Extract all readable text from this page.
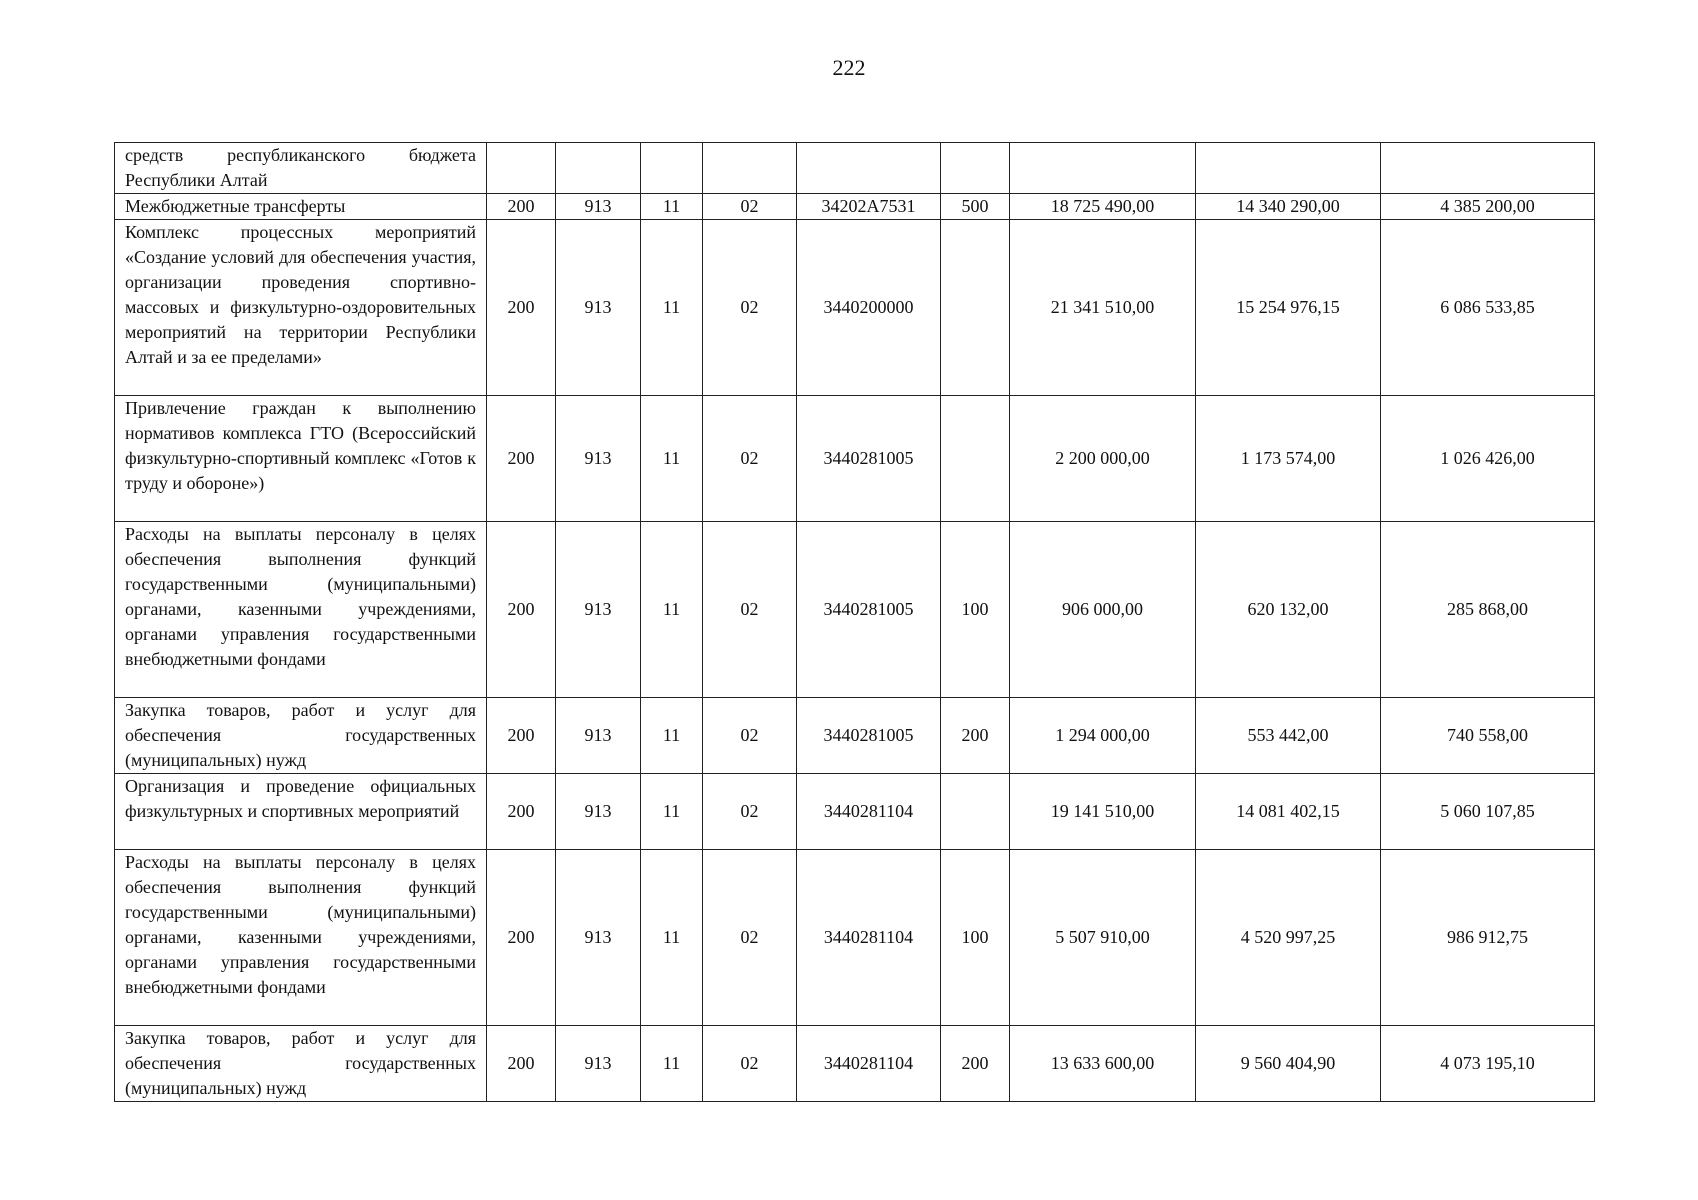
222
средств республиканского бюджета Республики Алтай									
Межбюджетные трансферты	200	913	11	02	34202А7531	500	18 725 490,00	14 340 290,00	4 385 200,00
Комплекс процессных мероприятий «Создание условий для обеспечения участия, организации проведения спортивно-массовых и физкультурно-оздоровительных мероприятий на территории Республики Алтай и за ее пределами»	200	913	11	02	3440200000		21 341 510,00	15 254 976,15	6 086 533,85
Привлечение граждан к выполнению нормативов комплекса ГТО (Всероссийский физкультурно-спортивный комплекс «Готов к труду и обороне»)	200	913	11	02	3440281005		2 200 000,00	1 173 574,00	1 026 426,00
Расходы на выплаты персоналу в целях обеспечения выполнения функций государственными (муниципальными) органами, казенными учреждениями, органами управления государственными внебюджетными фондами	200	913	11	02	3440281005	100	906 000,00	620 132,00	285 868,00
Закупка товаров, работ и услуг для обеспечения государственных (муниципальных) нужд	200	913	11	02	3440281005	200	1 294 000,00	553 442,00	740 558,00
Организация и проведение официальных физкультурных и спортивных мероприятий	200	913	11	02	3440281104		19 141 510,00	14 081 402,15	5 060 107,85
Расходы на выплаты персоналу в целях обеспечения выполнения функций государственными (муниципальными) органами, казенными учреждениями, органами управления государственными внебюджетными фондами	200	913	11	02	3440281104	100	5 507 910,00	4 520 997,25	986 912,75
Закупка товаров, работ и услуг для обеспечения государственных (муниципальных) нужд	200	913	11	02	3440281104	200	13 633 600,00	9 560 404,90	4 073 195,10
